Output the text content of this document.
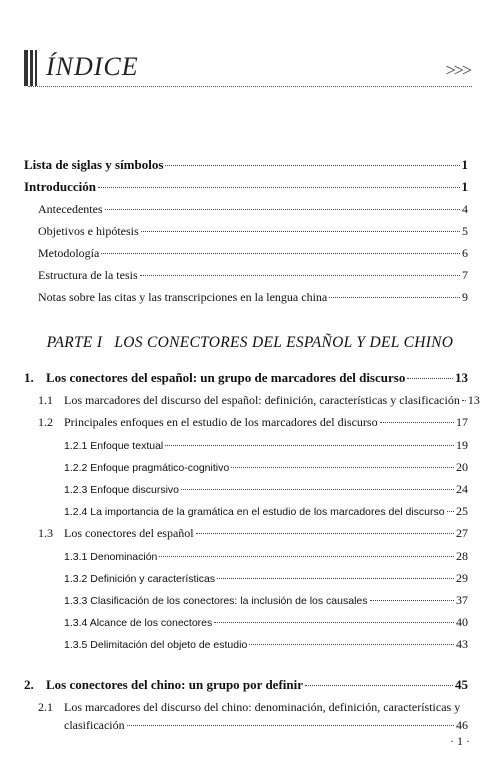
ÍNDICE	>>>
Lista de siglas y símbolos	1
Introducción	1
Antecedentes	4
Objetivos e hipótesis	5
Metodología	6
Estructura de la tesis	7
Notas sobre las citas y las transcripciones en la lengua china	9
PARTE I LOS CONECTORES DEL ESPAÑOL Y DEL CHINO
1. Los conectores del español: un grupo de marcadores del discurso	13
1.1 Los marcadores del discurso del español: definición, características y clasificación 13
1.2 Principales enfoques en el estudio de los marcadores del discurso	17
1.2.1 Enfoque textual	19
1.2.2 Enfoque pragmático-cognitivo	20
1.2.3 Enfoque discursivo	24
1.2.4 La importancia de la gramática en el estudio de los marcadores del discurso 25
1.3 Los conectores del español	27
1.3.1 Denominación	28
1.3.2 Definición y características	29
1.3.3 Clasificación de los conectores: la inclusión de los causales	37
1.3.4 Alcance de los conectores	40
1.3.5 Delimitación del objeto de estudio	43
2. Los conectores del chino: un grupo por definir	45
2.1 Los marcadores del discurso del chino: denominación, definición, características y
clasificación	46
· 1 ·
